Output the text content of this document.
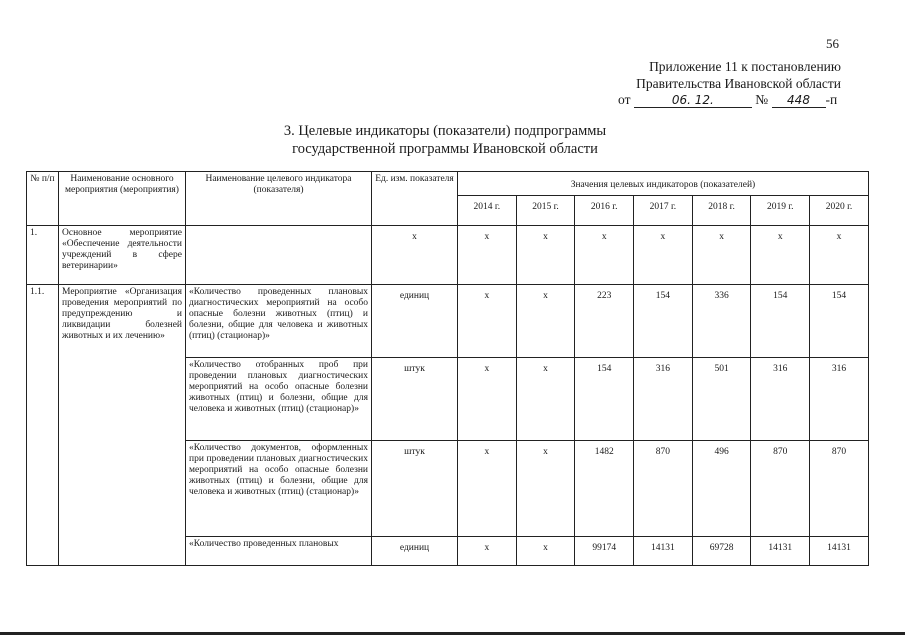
56
Приложение 11 к постановлению
Правительства Ивановской области
от	06. 12.	№ 448 -п
3. Целевые индикаторы (показатели) подпрограммы
государственной программы Ивановской области
№ п/п	Наименование основного мероприятия (мероприятия)	Наименование целевого индикатора (показателя)	Ед. изм. показателя	Значения целевых индикаторов (показателей)						
				2014 г.	2015 г.	2016 г.	2017 г.	2018 г.	2019 г.	2020 г.
1.	Основное мероприятие «Обеспечение деятельности учреждений в сфере ветеринарии»		х	х	х	х	х	х	х	х
1.1.	Мероприятие «Организация проведения мероприятий по предупреждению и ликвидации болезней животных и их лечению»	«Количество проведенных плановых диагностических мероприятий на особо опасные болезни животных (птиц) и болезни, общие для человека и животных (птиц) (стационар)»	единиц	х	х	223	154	336	154	154
		«Количество отобранных проб при проведении плановых диагностических мероприятий на особо опасные болезни животных (птиц) и болезни, общие для человека и животных (птиц) (стационар)»	штук	х	х	154	316	501	316	316
		«Количество документов, оформленных при проведении плановых диагностических мероприятий на особо опасные болезни животных (птиц) и болезни, общие для человека и животных (птиц) (стационар)»	штук	х	х	1482	870	496	870	870
		«Количество проведенных плановых	единиц	х	х	99174	14131	69728	14131	14131
